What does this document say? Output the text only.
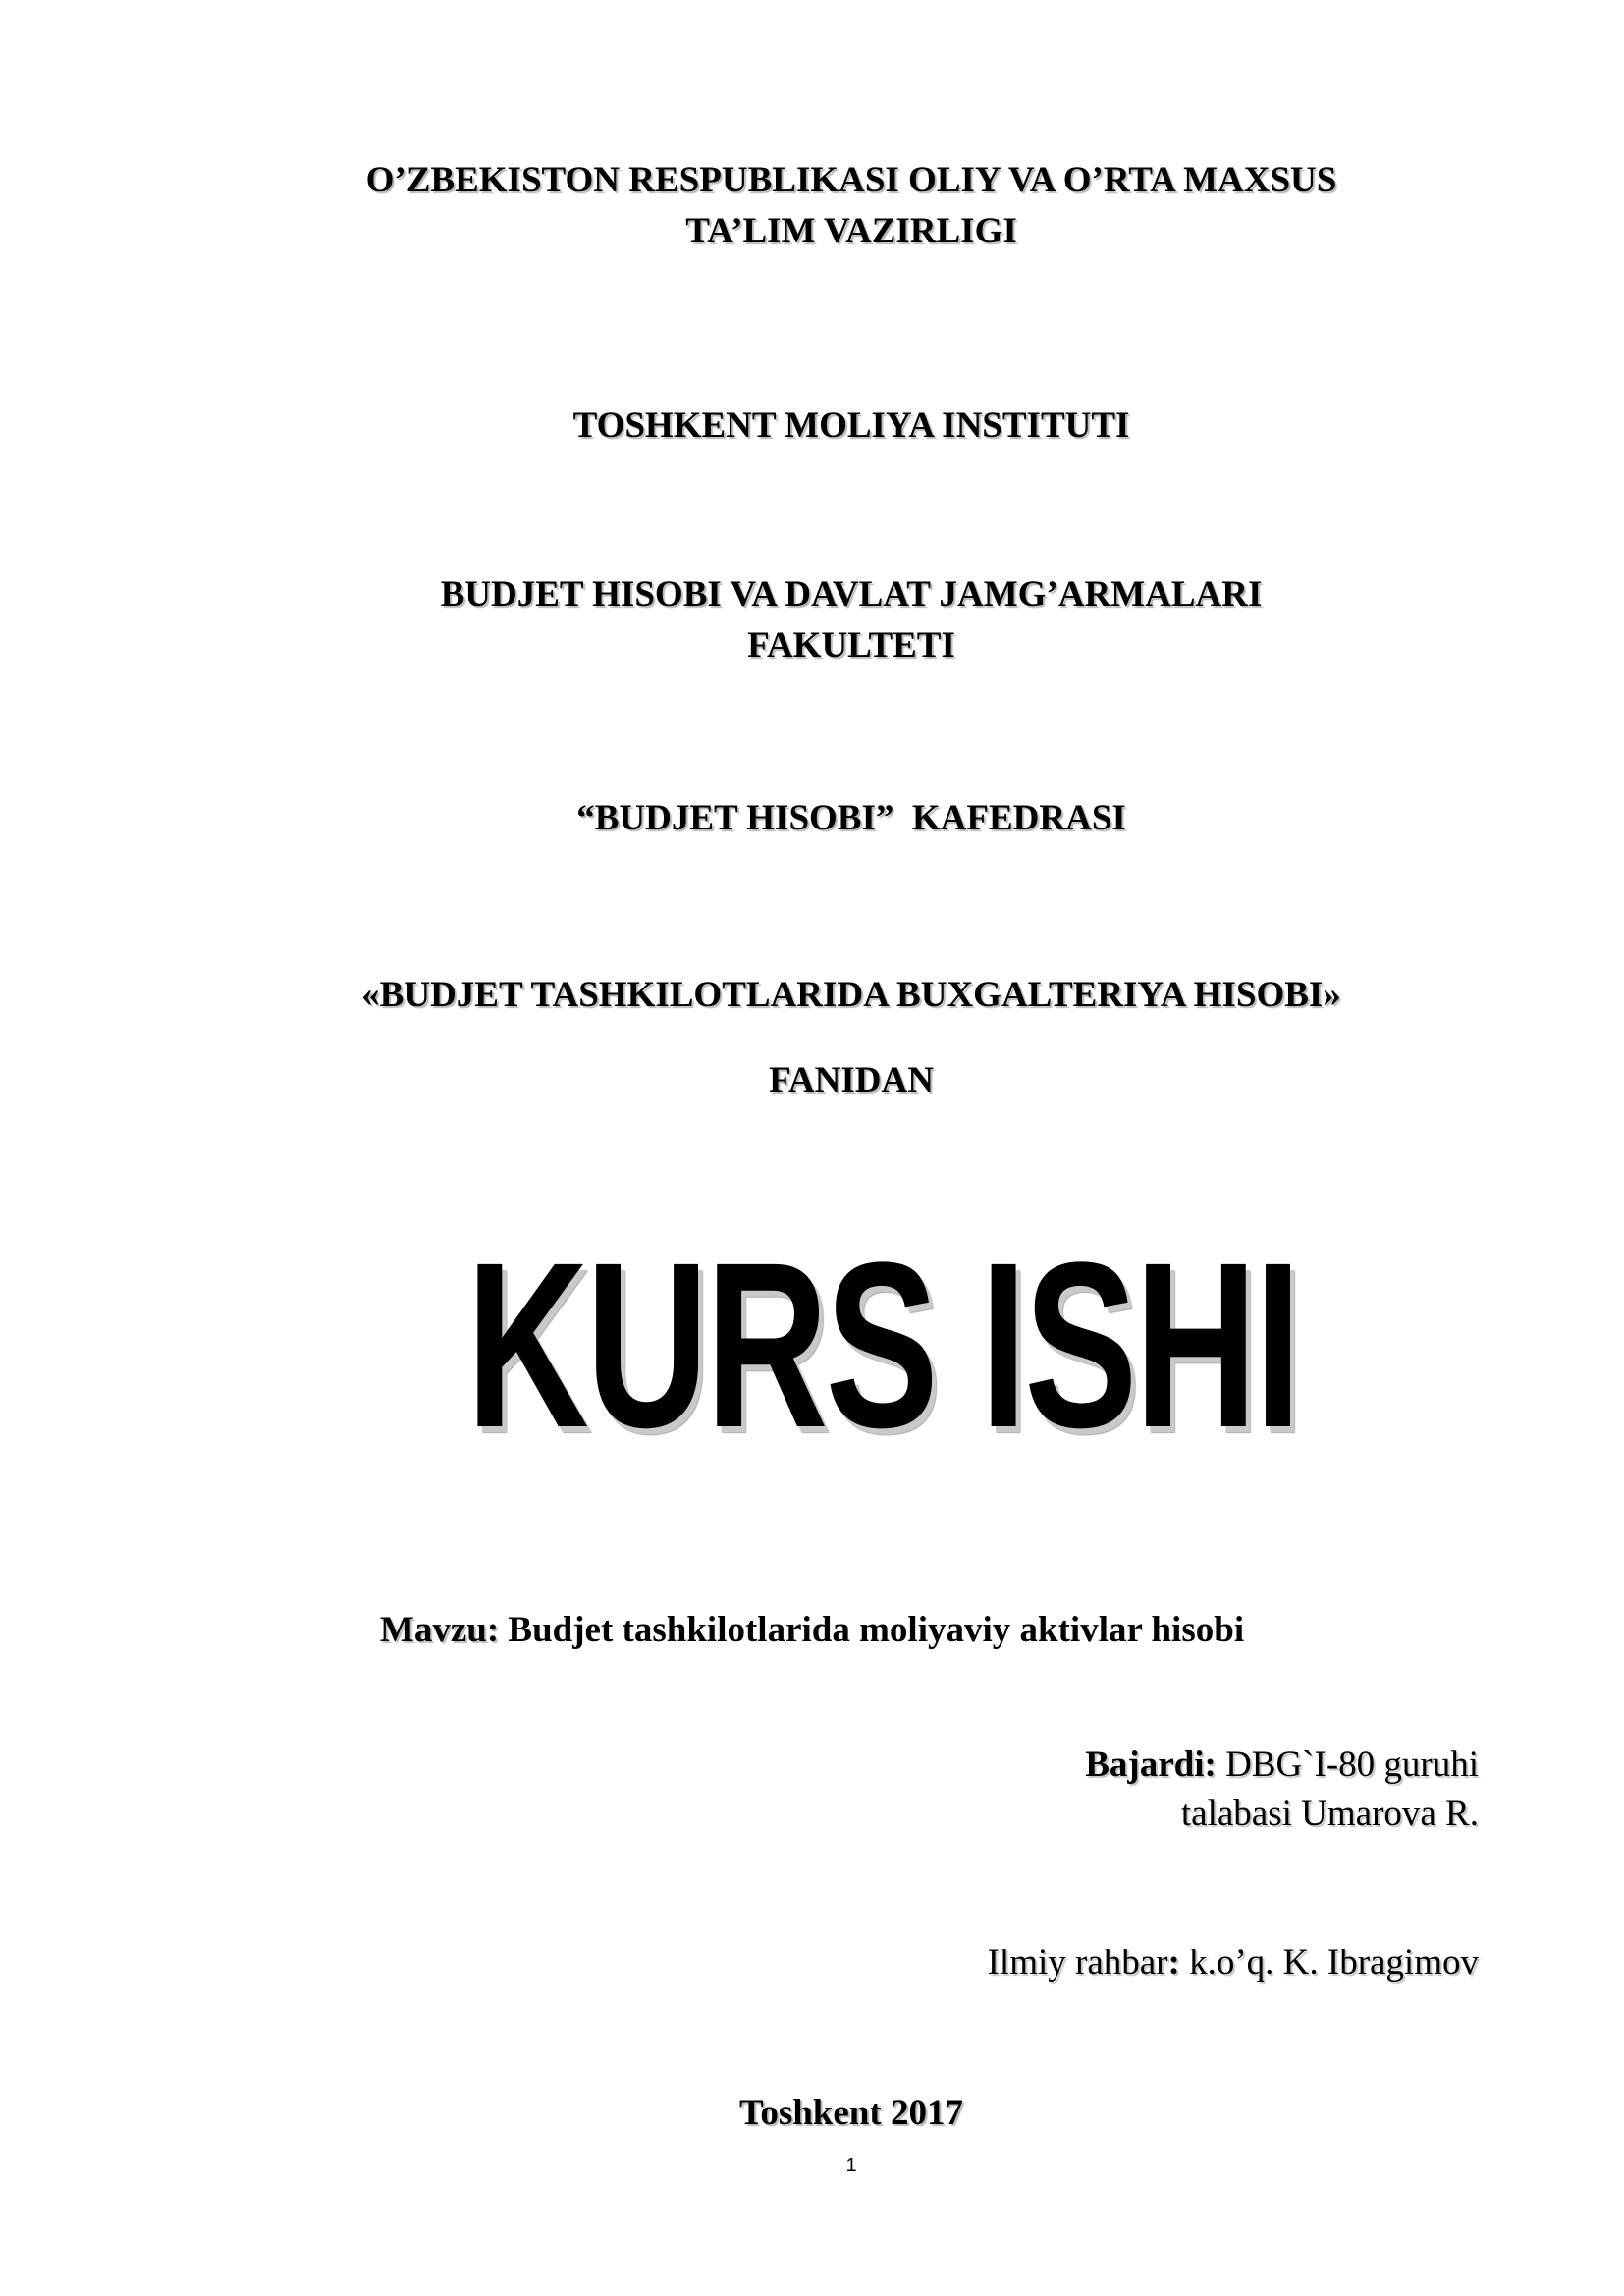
O’ZBEKISTON RESPUBLIKASI OLIY VA O’RTA MAXSUS
TA’LIM VAZIRLIGI
TOSHKENT MOLIYA INSTITUTI
BUDJET HISOBI VA DAVLAT JAMG’ARMALARI
FAKULTETI
“BUDJET HISOBI”  KAFEDRASI
«BUDJET TASHKILOTLARIDA BUXGALTERIYA HISOBI»
FANIDAN
KURS ISHI
Mavzu: Budjet tashkilotlarida moliyaviy aktivlar hisobi
Bajardi: DBG`I-80 guruhi
talabasi Umarova R.
Ilmiy rahbar: k.o’q. K. Ibragimov
Toshkent 2017
1
